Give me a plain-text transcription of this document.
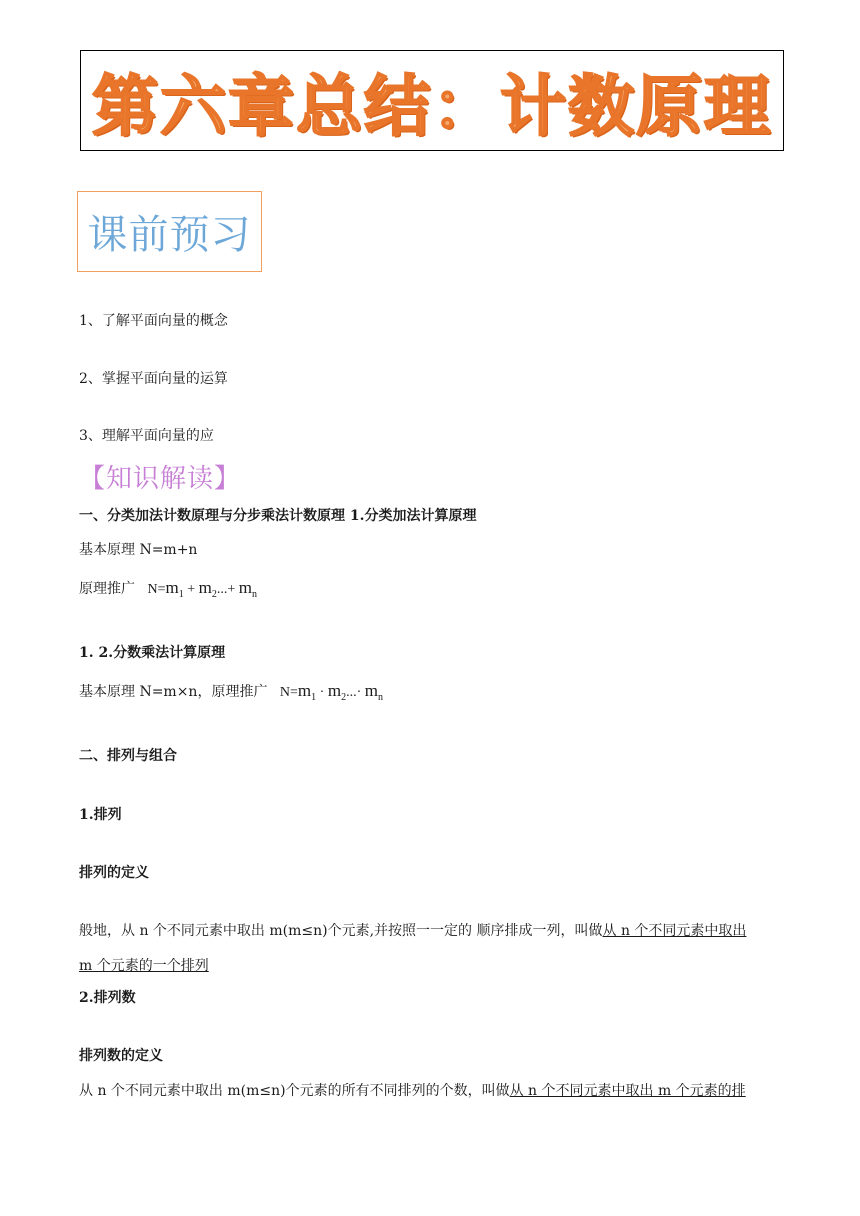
第六章总结：计数原理
课前预习
1、了解平面向量的概念
2、掌握平面向量的运算
3、理解平面向量的应
【知识解读】
一、分类加法计数原理与分步乘法计数原理 1.分类加法计算原理
基本原理 N=m+n
原理推广 $N=m_1 + m_2...+ m_n$
1. 2.分数乘法计算原理
基本原理 N=m×n，原理推广 $N=m_1 \cdot m_2...\cdot m_n$
二、排列与组合
1.排列
排列的定义
般地，从 n 个不同元素中取出 m(m≤n)个元素,并按照一一定的 顺序排成一列，叫做从 n 个不同元素中取出
m 个元素的一个排列
2.排列数
排列数的定义
从 n 个不同元素中取出 m(m≤n)个元素的所有不同排列的个数，叫做从 n 个不同元素中取出 m 个元素的排
